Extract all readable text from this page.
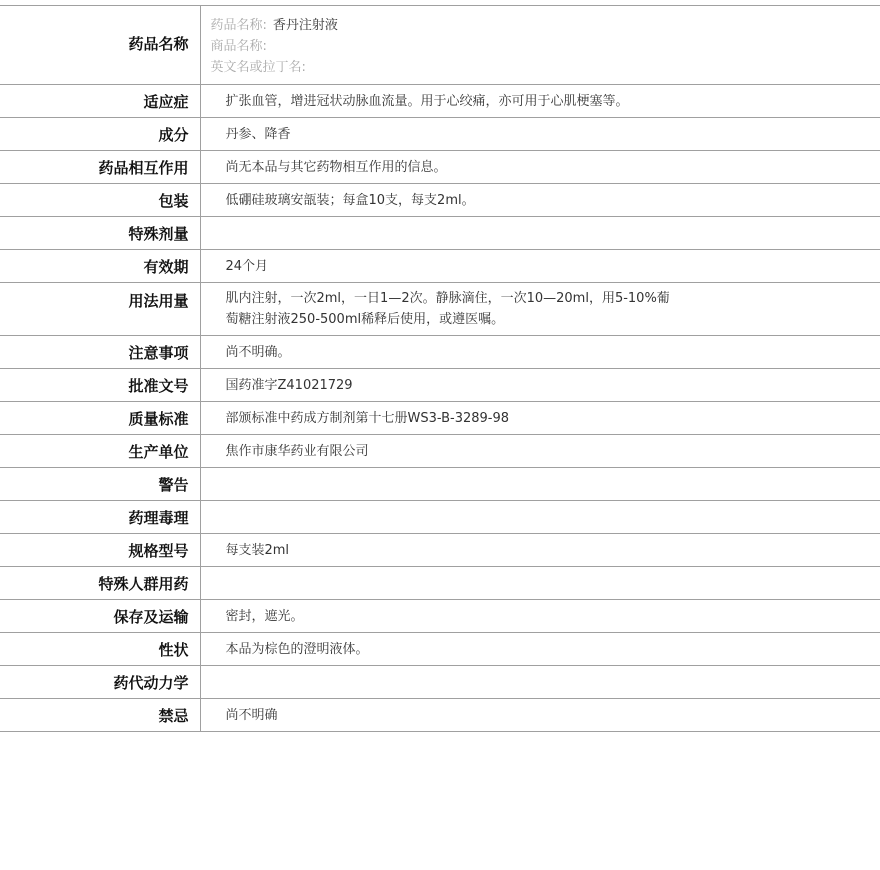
药品名称	药品名称: 香丹注射液
商品名称:
英文名或拉丁名:

适应症	扩张血管，增进冠状动脉血流量。用于心绞痛，亦可用于心肌梗塞等。
成分	丹参、降香
药品相互作用	尚无本品与其它药物相互作用的信息。
包装	低硼硅玻璃安瓿装；每盒10支，每支2ml。
特殊剂量	
有效期	24个月
用法用量	肌内注射，一次2ml，一日1—2次。静脉滴住，一次10—20ml，用5-10%葡
萄糖注射液250-500ml稀释后使用，或遵医嘱。

注意事项	尚不明确。
批准文号	国药准字Z41021729
质量标准	部颁标准中药成方制剂第十七册WS3-B-3289-98
生产单位	焦作市康华药业有限公司
警告	
药理毒理	
规格型号	每支装2ml
特殊人群用药	
保存及运输	密封，遮光。
性状	本品为棕色的澄明液体。
药代动力学	
禁忌	尚不明确
